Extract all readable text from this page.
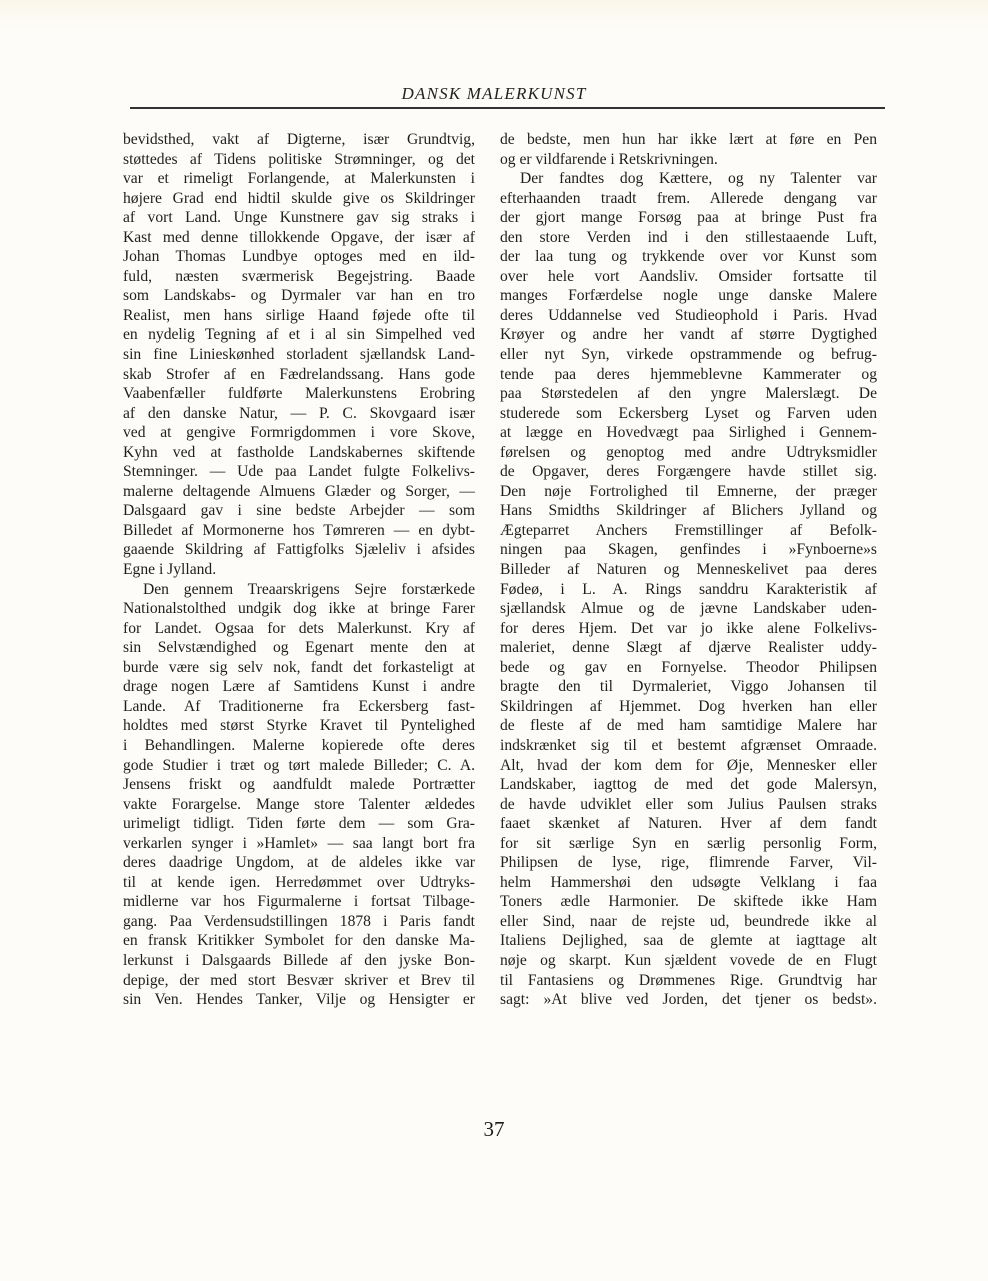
DANSK MALERKUNST
bevidsthed, vakt af Digterne, især Grundtvig,
støttedes af Tidens politiske Strømninger, og det
var et rimeligt Forlangende, at Malerkunsten i
højere Grad end hidtil skulde give os Skildringer
af vort Land. Unge Kunstnere gav sig straks i
Kast med denne tillokkende Opgave, der især af
Johan Thomas Lundbye optoges med en ild-
fuld, næsten sværmerisk Begejstring. Baade
som Landskabs- og Dyrmaler var han en tro
Realist, men hans sirlige Haand føjede ofte til
en nydelig Tegning af et i al sin Simpelhed ved
sin fine Linieskønhed storladent sjællandsk Land-
skab Strofer af en Fædrelandssang. Hans gode
Vaabenfæller fuldførte Malerkunstens Erobring
af den danske Natur, — P. C. Skovgaard især
ved at gengive Formrigdommen i vore Skove,
Kyhn ved at fastholde Landskabernes skiftende
Stemninger. — Ude paa Landet fulgte Folkelivs-
malerne deltagende Almuens Glæder og Sorger, —
Dalsgaard gav i sine bedste Arbejder — som
Billedet af Mormonerne hos Tømreren — en dybt-
gaaende Skildring af Fattigfolks Sjæleliv i afsides
Egne i Jylland.
Den gennem Treaarskrigens Sejre forstærkede
Nationalstolthed undgik dog ikke at bringe Farer
for Landet. Ogsaa for dets Malerkunst. Kry af
sin Selvstændighed og Egenart mente den at
burde være sig selv nok, fandt det forkasteligt at
drage nogen Lære af Samtidens Kunst i andre
Lande. Af Traditionerne fra Eckersberg fast-
holdtes med størst Styrke Kravet til Pyntelighed
i Behandlingen. Malerne kopierede ofte deres
gode Studier i træt og tørt malede Billeder; C. A.
Jensens friskt og aandfuldt malede Portrætter
vakte Forargelse. Mange store Talenter ældedes
urimeligt tidligt. Tiden førte dem — som Gra-
verkarlen synger i »Hamlet» — saa langt bort fra
deres daadrige Ungdom, at de aldeles ikke var
til at kende igen. Herredømmet over Udtryks-
midlerne var hos Figurmalerne i fortsat Tilbage-
gang. Paa Verdensudstillingen 1878 i Paris fandt
en fransk Kritikker Symbolet for den danske Ma-
lerkunst i Dalsgaards Billede af den jyske Bon-
depige, der med stort Besvær skriver et Brev til
sin Ven. Hendes Tanker, Vilje og Hensigter er
de bedste, men hun har ikke lært at føre en Pen
og er vildfarende i Retskrivningen.
Der fandtes dog Kættere, og ny Talenter var
efterhaanden traadt frem. Allerede dengang var
der gjort mange Forsøg paa at bringe Pust fra
den store Verden ind i den stillestaaende Luft,
der laa tung og trykkende over vor Kunst som
over hele vort Aandsliv. Omsider fortsatte til
manges Forfærdelse nogle unge danske Malere
deres Uddannelse ved Studieophold i Paris. Hvad
Krøyer og andre her vandt af større Dygtighed
eller nyt Syn, virkede opstrammende og befrug-
tende paa deres hjemmeblevne Kammerater og
paa Størstedelen af den yngre Malerslægt. De
studerede som Eckersberg Lyset og Farven uden
at lægge en Hovedvægt paa Sirlighed i Gennem-
førelsen og genoptog med andre Udtryksmidler
de Opgaver, deres Forgængere havde stillet sig.
Den nøje Fortrolighed til Emnerne, der præger
Hans Smidths Skildringer af Blichers Jylland og
Ægteparret Anchers Fremstillinger af Befolk-
ningen paa Skagen, genfindes i »Fynboerne»s
Billeder af Naturen og Menneskelivet paa deres
Fødeø, i L. A. Rings sanddru Karakteristik af
sjællandsk Almue og de jævne Landskaber uden-
for deres Hjem. Det var jo ikke alene Folkelivs-
maleriet, denne Slægt af djærve Realister uddy-
bede og gav en Fornyelse. Theodor Philipsen
bragte den til Dyrmaleriet, Viggo Johansen til
Skildringen af Hjemmet. Dog hverken han eller
de fleste af de med ham samtidige Malere har
indskrænket sig til et bestemt afgrænset Omraade.
Alt, hvad der kom dem for Øje, Mennesker eller
Landskaber, iagttog de med det gode Malersyn,
de havde udviklet eller som Julius Paulsen straks
faaet skænket af Naturen. Hver af dem fandt
for sit særlige Syn en særlig personlig Form,
Philipsen de lyse, rige, flimrende Farver, Vil-
helm Hammershøi den udsøgte Velklang i faa
Toners ædle Harmonier. De skiftede ikke Ham
eller Sind, naar de rejste ud, beundrede ikke al
Italiens Dejlighed, saa de glemte at iagttage alt
nøje og skarpt. Kun sjældent vovede de en Flugt
til Fantasiens og Drømmenes Rige. Grundtvig har
sagt: »At blive ved Jorden, det tjener os bedst».
37
